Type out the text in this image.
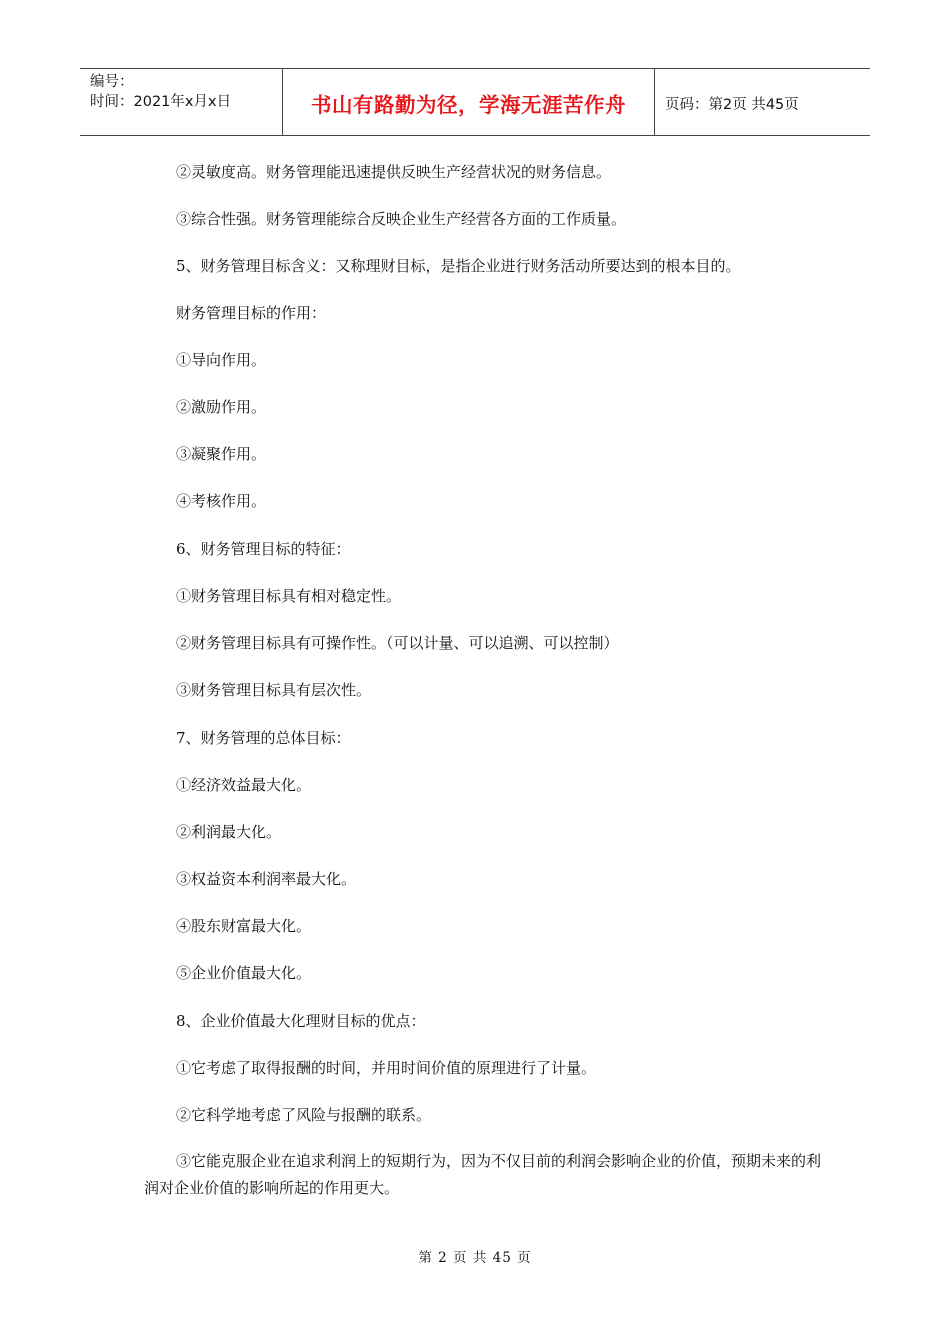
编号：
时间：2021年x月x日	书山有路勤为径，学海无涯苦作舟	页码：第2页 共45页
②灵敏度高。财务管理能迅速提供反映生产经营状况的财务信息。
③综合性强。财务管理能综合反映企业生产经营各方面的工作质量。
5、财务管理目标含义：又称理财目标，是指企业进行财务活动所要达到的根本目的。
财务管理目标的作用：
①导向作用。
②激励作用。
③凝聚作用。
④考核作用。
6、财务管理目标的特征：
①财务管理目标具有相对稳定性。
②财务管理目标具有可操作性。（可以计量、可以追溯、可以控制）
③财务管理目标具有层次性。
7、财务管理的总体目标：
①经济效益最大化。
②利润最大化。
③权益资本利润率最大化。
④股东财富最大化。
⑤企业价值最大化。
8、企业价值最大化理财目标的优点：
①它考虑了取得报酬的时间，并用时间价值的原理进行了计量。
②它科学地考虑了风险与报酬的联系。
③它能克服企业在追求利润上的短期行为，因为不仅目前的利润会影响企业的价值，预期未来的利润对企业价值的影响所起的作用更大。
第 2 页 共 45 页
